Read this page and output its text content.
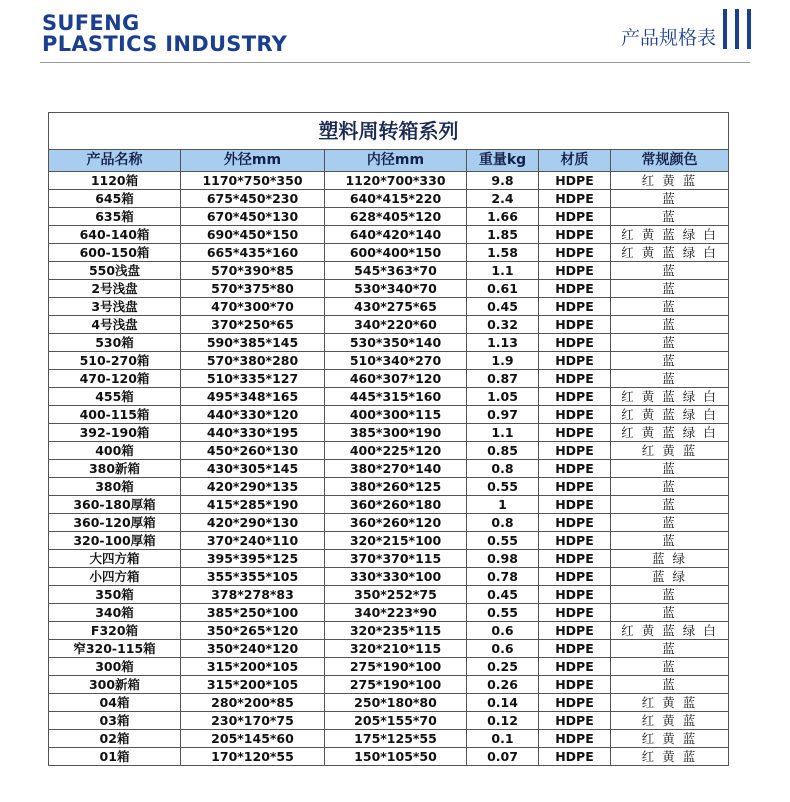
SUFENG
PLASTICS INDUSTRY	产品规格表
塑料周转箱系列
产品名称	外径mm	内径mm	重量kg	材质	常规颜色
1120箱	1170*750*350	1120*700*330	9.8	HDPE	红 黄 蓝
645箱	675*450*230	640*415*220	2.4	HDPE	蓝
635箱	670*450*130	628*405*120	1.66	HDPE	蓝
640-140箱	690*450*150	640*420*140	1.85	HDPE	红 黄 蓝 绿 白
600-150箱	665*435*160	600*400*150	1.58	HDPE	红 黄 蓝 绿 白
550浅盘	570*390*85	545*363*70	1.1	HDPE	蓝
2号浅盘	570*375*80	530*340*70	0.61	HDPE	蓝
3号浅盘	470*300*70	430*275*65	0.45	HDPE	蓝
4号浅盘	370*250*65	340*220*60	0.32	HDPE	蓝
530箱	590*385*145	530*350*140	1.13	HDPE	蓝
510-270箱	570*380*280	510*340*270	1.9	HDPE	蓝
470-120箱	510*335*127	460*307*120	0.87	HDPE	蓝
455箱	495*348*165	445*315*160	1.05	HDPE	红 黄 蓝 绿 白
400-115箱	440*330*120	400*300*115	0.97	HDPE	红 黄 蓝 绿 白
392-190箱	440*330*195	385*300*190	1.1	HDPE	红 黄 蓝 绿 白
400箱	450*260*130	400*225*120	0.85	HDPE	红 黄 蓝
380新箱	430*305*145	380*270*140	0.8	HDPE	蓝
380箱	420*290*135	380*260*125	0.55	HDPE	蓝
360-180厚箱	415*285*190	360*260*180	1	HDPE	蓝
360-120厚箱	420*290*130	360*260*120	0.8	HDPE	蓝
320-100厚箱	370*240*110	320*215*100	0.55	HDPE	蓝
大四方箱	395*395*125	370*370*115	0.98	HDPE	蓝 绿
小四方箱	355*355*105	330*330*100	0.78	HDPE	蓝 绿
350箱	378*278*83	350*252*75	0.45	HDPE	蓝
340箱	385*250*100	340*223*90	0.55	HDPE	蓝
F320箱	350*265*120	320*235*115	0.6	HDPE	红 黄 蓝 绿 白
窄320-115箱	350*240*120	320*210*115	0.6	HDPE	蓝
300箱	315*200*105	275*190*100	0.25	HDPE	蓝
300新箱	315*200*105	275*190*100	0.26	HDPE	蓝
04箱	280*200*85	250*180*80	0.14	HDPE	红 黄 蓝
03箱	230*170*75	205*155*70	0.12	HDPE	红 黄 蓝
02箱	205*145*60	175*125*55	0.1	HDPE	红 黄 蓝
01箱	170*120*55	150*105*50	0.07	HDPE	红 黄 蓝
